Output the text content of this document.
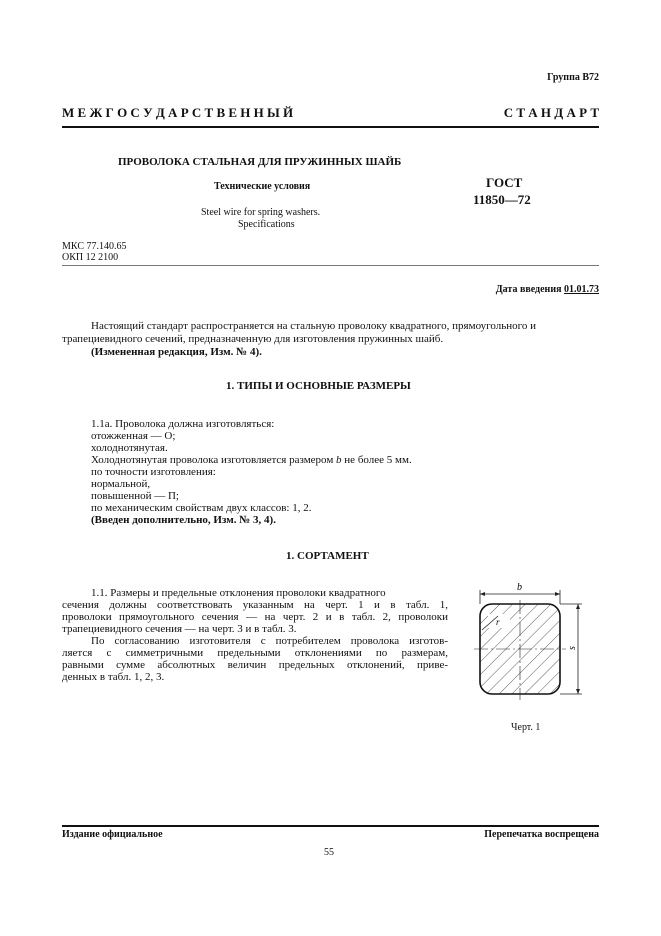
Группа В72
М Е Ж Г О С У Д А Р С Т В Е Н Н Ы Й	С Т А Н Д А Р Т
ПРОВОЛОКА СТАЛЬНАЯ ДЛЯ ПРУЖИННЫХ ШАЙБ
Технические условия
Steel wire for spring washers.
Specifications
ГОСТ
11850—72
МКС 77.140.65
ОКП 12 2100
Дата введения 01.01.73
Настоящий стандарт распространяется на стальную проволоку квадратного, прямоугольного и
трапециевидного сечений, предназначенную для изготовления пружинных шайб.
(Измененная редакция, Изм. № 4).
1. ТИПЫ И ОСНОВНЫЕ РАЗМЕРЫ
1.1а. Проволока должна изготовляться:
отожженная — О;
холоднотянутая.
Холоднотянутая проволока изготовляется размером b не более 5 мм.
по точности изготовления:
нормальной,
повышенной — П;
по механическим свойствам двух классов: 1, 2.
(Введен дополнительно, Изм. № 3, 4).
1. СОРТАМЕНТ
1.1. Размеры и предельные отклонения проволоки квадратного
сечения должны соответствовать указанным на черт. 1 и в табл. 1,
проволоки прямоугольного сечения — на черт. 2 и в табл. 2, проволоки
трапециевидного сечения — на черт. 3 и в табл. 3.
По согласованию изготовителя с потребителем проволока изготов-
ляется с симметричными предельными отклонениями по размерам,
равными сумме абсолютных величин предельных отклонений, приве-
денных в табл. 1, 2, 3.
b
r
s
Черт. 1
Издание официальное	Перепечатка воспрещена
55
